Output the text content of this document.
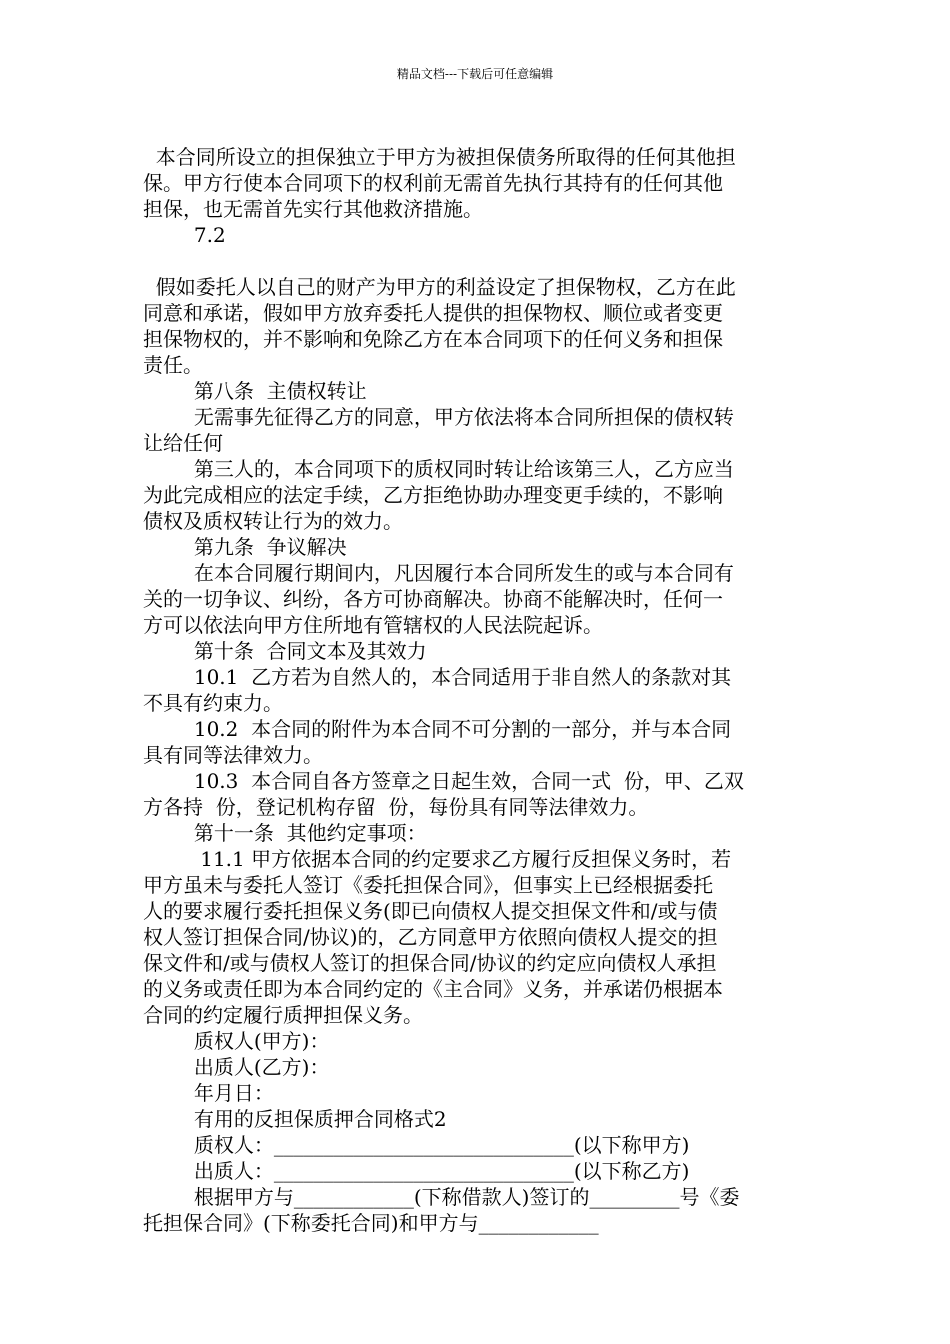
精品文档---下载后可任意编辑
本合同所设立的担保独立于甲方为被担保债务所取得的任何其他担
保。甲方行使本合同项下的权利前无需首先执行其持有的任何其他
担保，也无需首先实行其他救济措施。
7.2
假如委托人以自己的财产为甲方的利益设定了担保物权，乙方在此
同意和承诺，假如甲方放弃委托人提供的担保物权、顺位或者变更
担保物权的，并不影响和免除乙方在本合同项下的任何义务和担保
责任。
第八条  主债权转让
无需事先征得乙方的同意，甲方依法将本合同所担保的债权转
让给任何
第三人的，本合同项下的质权同时转让给该第三人，乙方应当
为此完成相应的法定手续，乙方拒绝协助办理变更手续的，不影响
债权及质权转让行为的效力。
第九条  争议解决
在本合同履行期间内，凡因履行本合同所发生的或与本合同有
关的一切争议、纠纷，各方可协商解决。协商不能解决时，任何一
方可以依法向甲方住所地有管辖权的人民法院起诉。
第十条  合同文本及其效力
10.1  乙方若为自然人的，本合同适用于非自然人的条款对其
不具有约束力。
10.2  本合同的附件为本合同不可分割的一部分，并与本合同
具有同等法律效力。
10.3  本合同自各方签章之日起生效，合同一式  份，甲、乙双
方各持  份，登记机构存留  份，每份具有同等法律效力。
第十一条  其他约定事项：
11.1 甲方依据本合同的约定要求乙方履行反担保义务时，若
甲方虽未与委托人签订《委托担保合同》，但事实上已经根据委托
人的要求履行委托担保义务(即已向债权人提交担保文件和/或与债
权人签订担保合同/协议)的，乙方同意甲方依照向债权人提交的担
保文件和/或与债权人签订的担保合同/协议的约定应向债权人承担
的义务或责任即为本合同约定的《主合同》义务，并承诺仍根据本
合同的约定履行质押担保义务。
质权人(甲方)：
出质人(乙方)：
年月日：
有用的反担保质押合同格式2
质权人：______________________________(以下称甲方)
出质人：______________________________(以下称乙方)
根据甲方与____________(下称借款人)签订的_________号《委
托担保合同》(下称委托合同)和甲方与____________
